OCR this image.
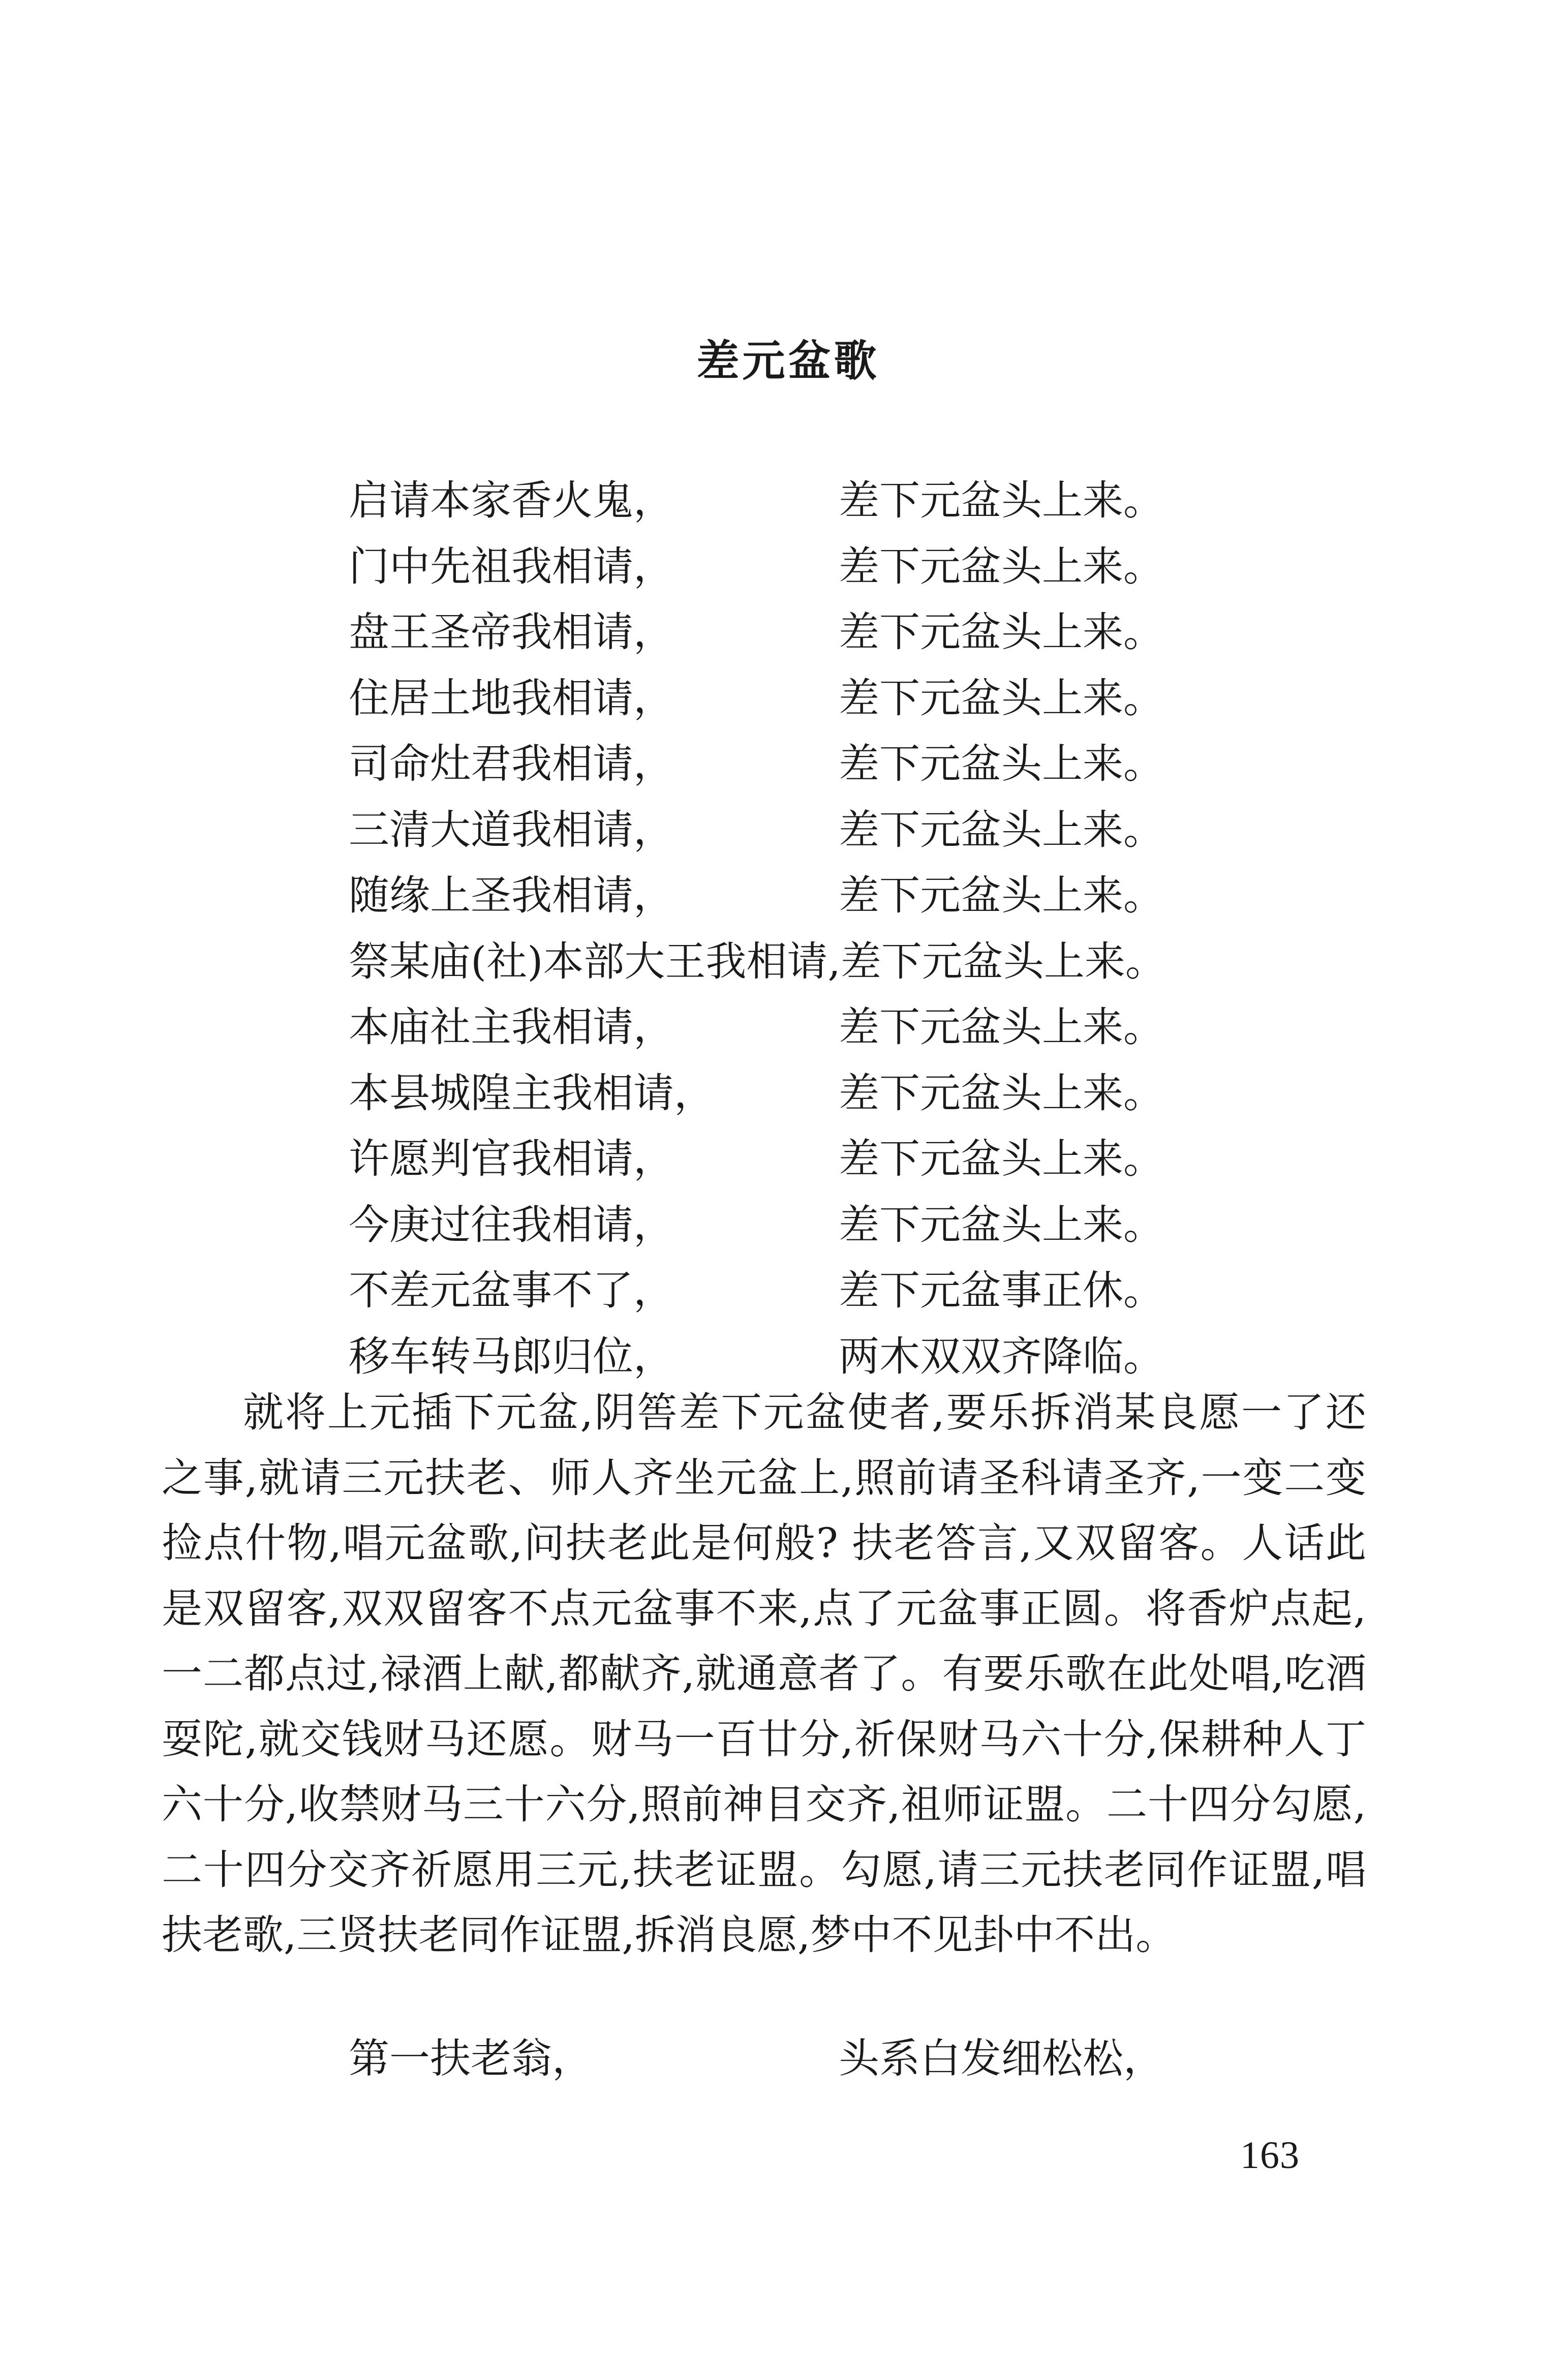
差元盆歌
启请本家香火鬼，	差下元盆头上来。
门中先祖我相请，	差下元盆头上来。
盘王圣帝我相请，	差下元盆头上来。
住居土地我相请，	差下元盆头上来。
司命灶君我相请，	差下元盆头上来。
三清大道我相请，	差下元盆头上来。
随缘上圣我相请，	差下元盆头上来。
祭某庙(社)本部大王我相请,差下元盆头上来。
本庙社主我相请，	差下元盆头上来。
本县城隍主我相请，	差下元盆头上来。
许愿判官我相请，	差下元盆头上来。
今庚过往我相请，	差下元盆头上来。
不差元盆事不了，	差下元盆事正休。
移车转马郎归位，	两木双双齐降临。

就将上元插下元盆,阴筶差下元盆使者,要乐拆消某良愿一了还之事,就请三元扶老、师人齐坐元盆上,照前请圣科请圣齐,一变二变捡点什物,唱元盆歌,问扶老此是何般? 扶老答言,又双留客。人话此是双留客,双双留客不点元盆事不来,点了元盆事正圆。将香炉点起,一二都点过,禄酒上献,都献齐,就通意者了。有要乐歌在此处唱,吃酒耍陀,就交钱财马还愿。财马一百廿分,祈保财马六十分,保耕种人丁六十分,收禁财马三十六分,照前神目交齐,祖师证盟。二十四分勾愿,二十四分交齐祈愿用三元,扶老证盟。勾愿,请三元扶老同作证盟,唱扶老歌,三贤扶老同作证盟,拆消良愿,梦中不见卦中不出。

第一扶老翁，	头系白发细松松，
163
